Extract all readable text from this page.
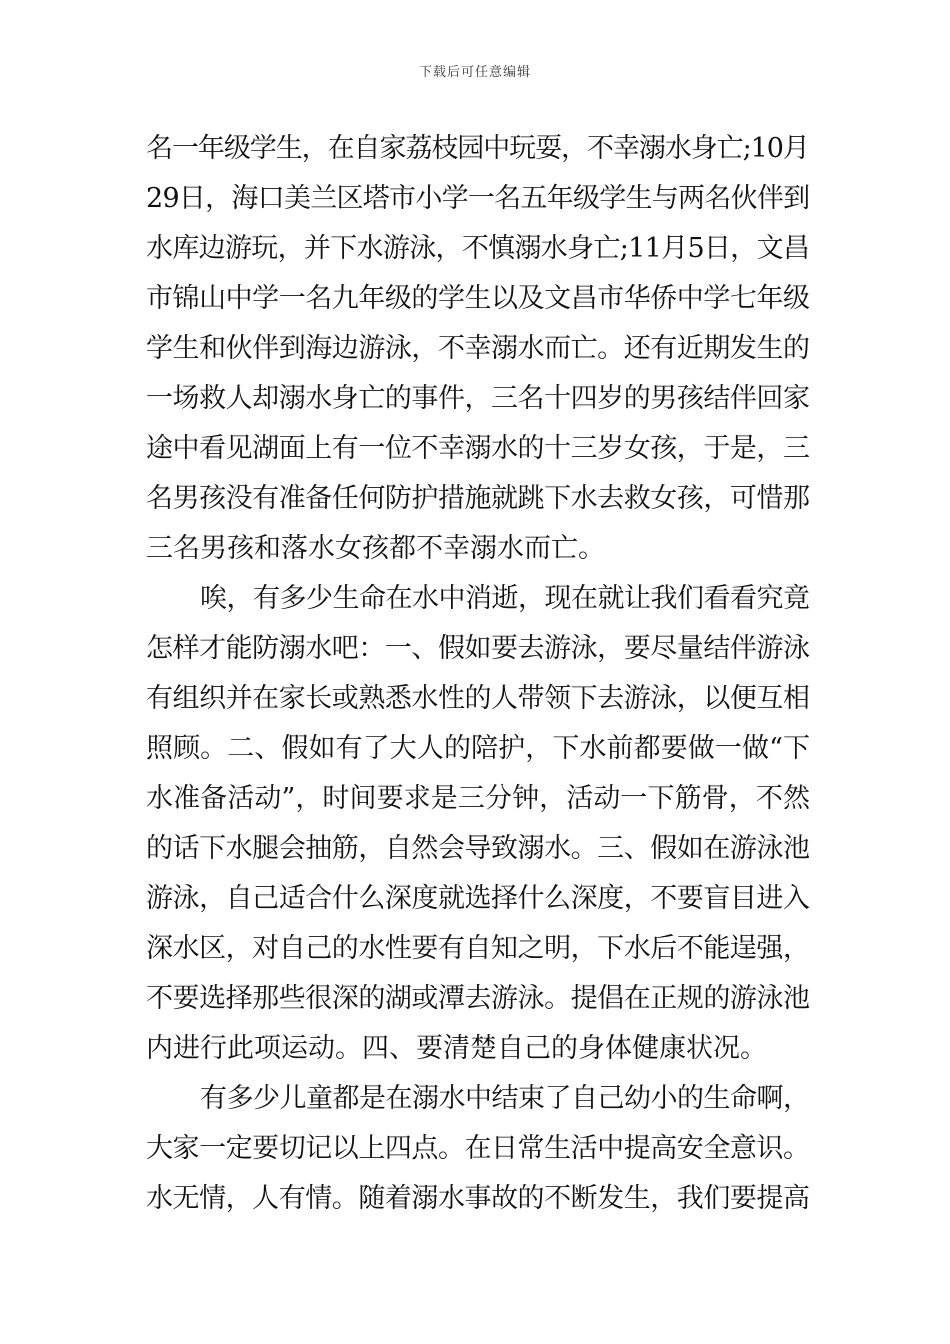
下载后可任意编辑
名一年级学生，在自家荔枝园中玩耍，不幸溺水身亡;10月
29日，海口美兰区塔市小学一名五年级学生与两名伙伴到
水库边游玩，并下水游泳，不慎溺水身亡;11月5日，文昌
市锦山中学一名九年级的学生以及文昌市华侨中学七年级
学生和伙伴到海边游泳，不幸溺水而亡。还有近期发生的
一场救人却溺水身亡的事件，三名十四岁的男孩结伴回家
途中看见湖面上有一位不幸溺水的十三岁女孩，于是，三
名男孩没有准备任何防护措施就跳下水去救女孩，可惜那
三名男孩和落水女孩都不幸溺水而亡。
唉，有多少生命在水中消逝，现在就让我们看看究竟
怎样才能防溺水吧：一、假如要去游泳，要尽量结伴游泳
有组织并在家长或熟悉水性的人带领下去游泳，以便互相
照顾。二、假如有了大人的陪护，下水前都要做一做“下
水准备活动”，时间要求是三分钟，活动一下筋骨，不然
的话下水腿会抽筋，自然会导致溺水。三、假如在游泳池
游泳，自己适合什么深度就选择什么深度，不要盲目进入
深水区，对自己的水性要有自知之明，下水后不能逞强，
不要选择那些很深的湖或潭去游泳。提倡在正规的游泳池
内进行此项运动。四、要清楚自己的身体健康状况。
有多少儿童都是在溺水中结束了自己幼小的生命啊，
大家一定要切记以上四点。在日常生活中提高安全意识。
水无情，人有情。随着溺水事故的不断发生，我们要提高
